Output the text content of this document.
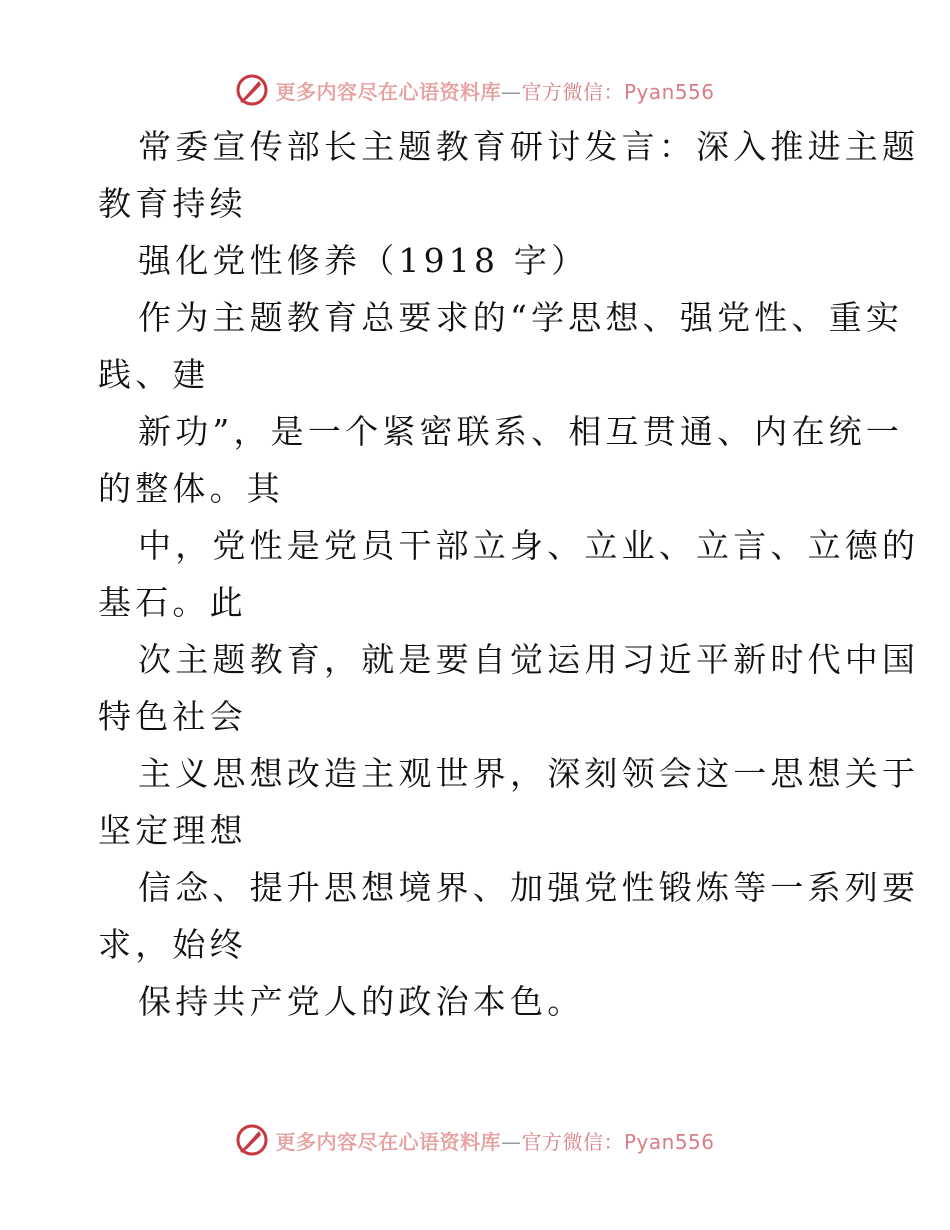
更多内容尽在心语资料库—官方微信：Pyan556

常委宣传部长主题教育研讨发言：深入推进主题

教育持续

强化党性修养（1918 字）

作为主题教育总要求的“学思想、强党性、重实

践、建

新功”，是一个紧密联系、相互贯通、内在统一

的整体。其

中，党性是党员干部立身、立业、立言、立德的

基石。此

次主题教育，就是要自觉运用习近平新时代中国

特色社会

主义思想改造主观世界，深刻领会这一思想关于

坚定理想

信念、提升思想境界、加强党性锻炼等一系列要

求，始终

保持共产党人的政治本色。

更多内容尽在心语资料库—官方微信：Pyan556
